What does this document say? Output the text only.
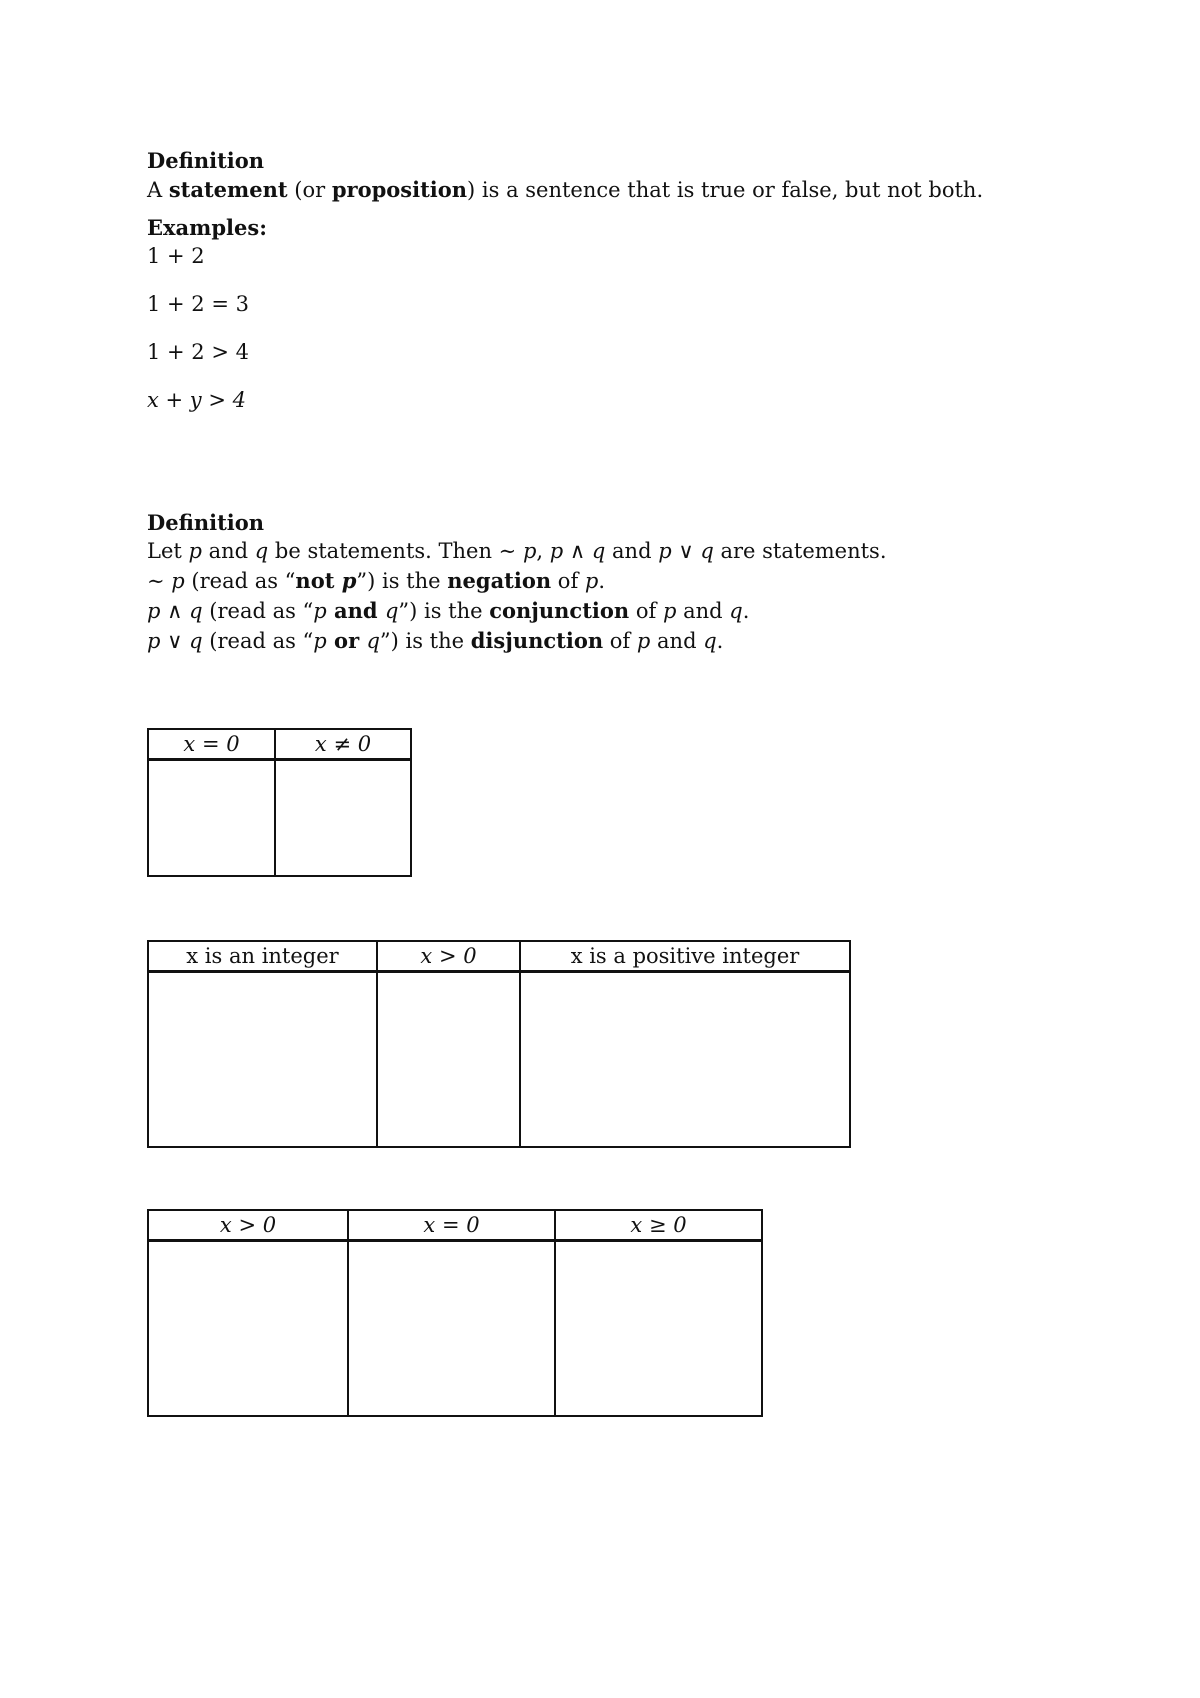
Definition
A statement (or proposition) is a sentence that is true or false, but not both.
Examples:
1 + 2
1 + 2 = 3
1 + 2 > 4
x + y > 4
Definition
Let p and q be statements. Then ∼ p, p ∧ q and p ∨ q are statements.
∼ p (read as “not p”) is the negation of p.
p ∧ q (read as “p and q”) is the conjunction of p and q.
p ∨ q (read as “p or q”) is the disjunction of p and q.
x = 0	x ≠ 0

x is an integer	x > 0	x is a positive integer

x > 0	x = 0	x ≥ 0
